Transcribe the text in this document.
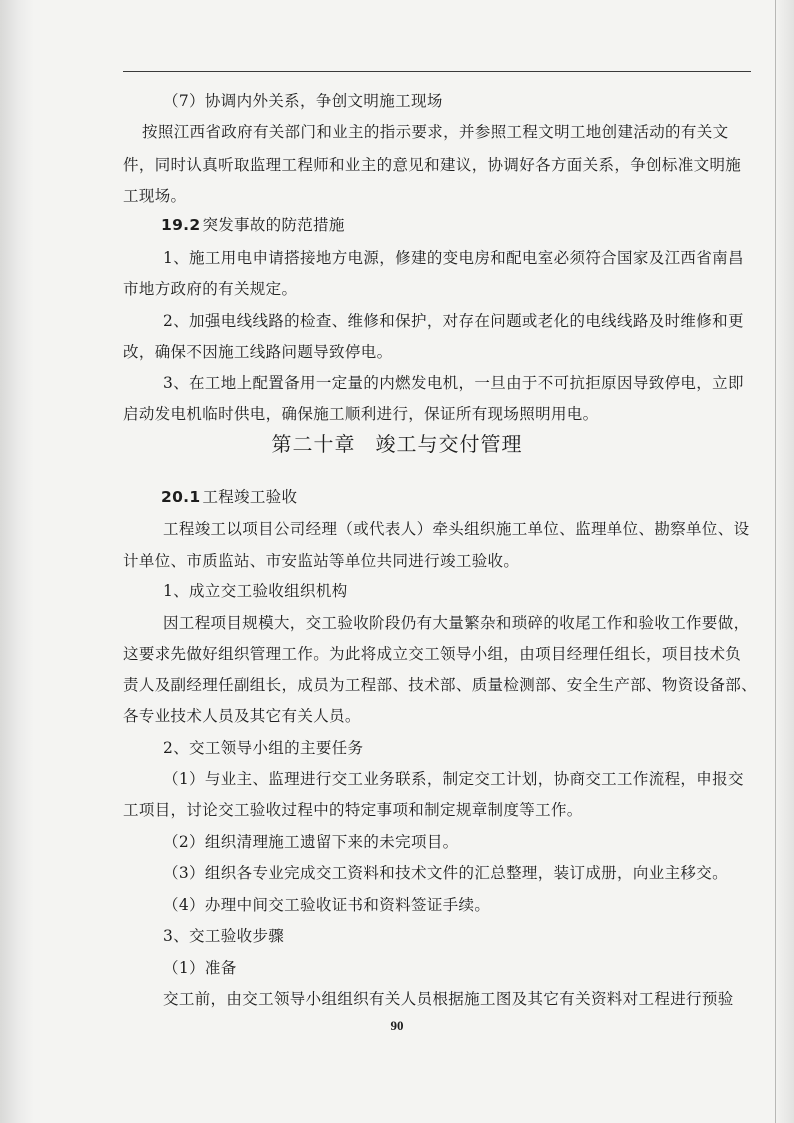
（7）协调内外关系，争创文明施工现场
按照江西省政府有关部门和业主的指示要求，并参照工程文明工地创建活动的有关文
件，同时认真听取监理工程师和业主的意见和建议，协调好各方面关系，争创标准文明施
工现场。
19.2 突发事故的防范措施
1、施工用电申请搭接地方电源，修建的变电房和配电室必须符合国家及江西省南昌
市地方政府的有关规定。
2、加强电线线路的检查、维修和保护，对存在问题或老化的电线线路及时维修和更
改，确保不因施工线路问题导致停电。
3、在工地上配置备用一定量的内燃发电机，一旦由于不可抗拒原因导致停电，立即
启动发电机临时供电，确保施工顺利进行，保证所有现场照明用电。
第二十章 竣工与交付管理
20.1 工程竣工验收
工程竣工以项目公司经理（或代表人）牵头组织施工单位、监理单位、勘察单位、设
计单位、市质监站、市安监站等单位共同进行竣工验收。
1、成立交工验收组织机构
因工程项目规模大，交工验收阶段仍有大量繁杂和琐碎的收尾工作和验收工作要做，
这要求先做好组织管理工作。为此将成立交工领导小组，由项目经理任组长，项目技术负
责人及副经理任副组长，成员为工程部、技术部、质量检测部、安全生产部、物资设备部、
各专业技术人员及其它有关人员。
2、交工领导小组的主要任务
（1）与业主、监理进行交工业务联系，制定交工计划，协商交工工作流程，申报交
工项目，讨论交工验收过程中的特定事项和制定规章制度等工作。
（2）组织清理施工遗留下来的未完项目。
（3）组织各专业完成交工资料和技术文件的汇总整理，装订成册，向业主移交。
（4）办理中间交工验收证书和资料签证手续。
3、交工验收步骤
（1）准备
交工前，由交工领导小组组织有关人员根据施工图及其它有关资料对工程进行预验
90
